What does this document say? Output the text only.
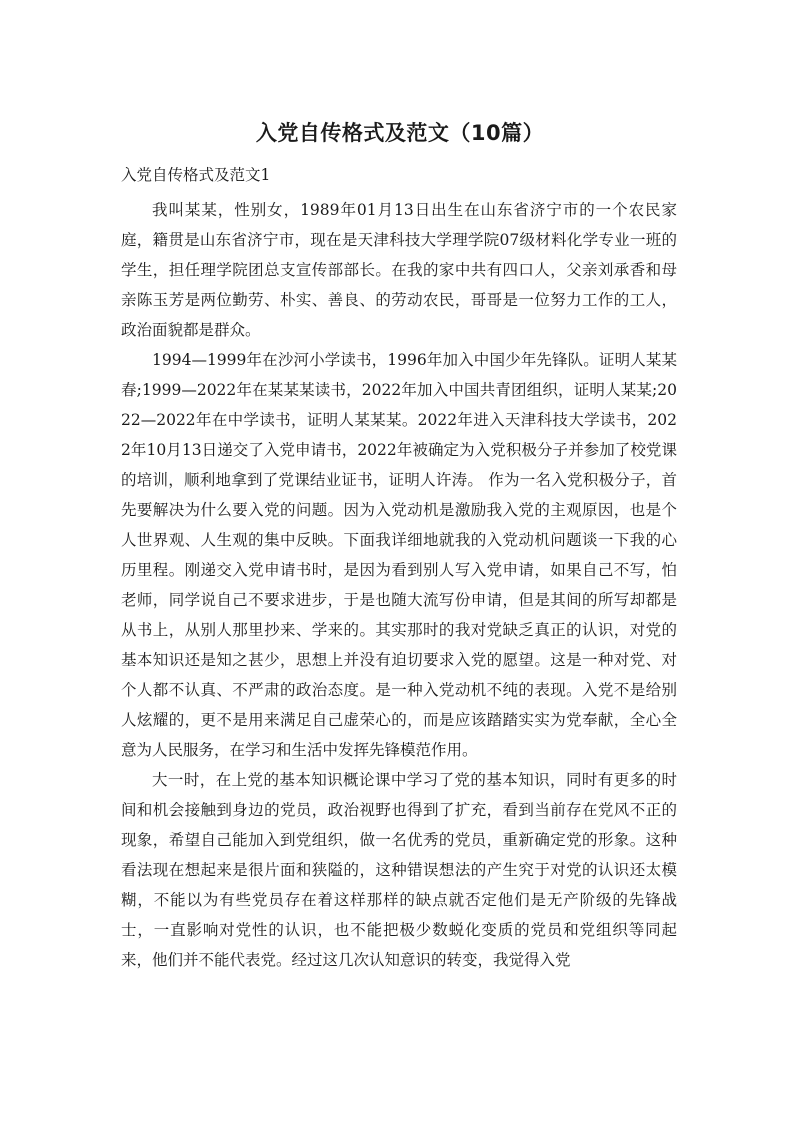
入党自传格式及范文（10篇）

入党自传格式及范文1

我叫某某，性别女，1989年01月13日出生在山东省济宁市的一个农民家庭，籍贯是山东省济宁市，现在是天津科技大学理学院07级材料化学专业一班的学生，担任理学院团总支宣传部部长。在我的家中共有四口人，父亲刘承香和母亲陈玉芳是两位勤劳、朴实、善良、的劳动农民，哥哥是一位努力工作的工人，政治面貌都是群众。

1994—1999年在沙河小学读书，1996年加入中国少年先锋队。证明人某某春;1999—2022年在某某某读书，2022年加入中国共青团组织，证明人某某;2022—2022年在中学读书，证明人某某某。2022年进入天津科技大学读书，2022年10月13日递交了入党申请书，2022年被确定为入党积极分子并参加了校党课的培训，顺利地拿到了党课结业证书，证明人许涛。 作为一名入党积极分子，首先要解决为什么要入党的问题。因为入党动机是激励我入党的主观原因，也是个人世界观、人生观的集中反映。下面我详细地就我的入党动机问题谈一下我的心历里程。刚递交入党申请书时，是因为看到别人写入党申请，如果自己不写，怕老师，同学说自己不要求进步，于是也随大流写份申请，但是其间的所写却都是从书上，从别人那里抄来、学来的。其实那时的我对党缺乏真正的认识，对党的基本知识还是知之甚少，思想上并没有迫切要求入党的愿望。这是一种对党、对个人都不认真、不严肃的政治态度。是一种入党动机不纯的表现。入党不是给别人炫耀的，更不是用来满足自己虚荣心的，而是应该踏踏实实为党奉献，全心全意为人民服务，在学习和生活中发挥先锋模范作用。

大一时，在上党的基本知识概论课中学习了党的基本知识，同时有更多的时间和机会接触到身边的党员，政治视野也得到了扩充，看到当前存在党风不正的现象，希望自己能加入到党组织，做一名优秀的党员，重新确定党的形象。这种看法现在想起来是很片面和狭隘的，这种错误想法的产生究于对党的认识还太模糊，不能以为有些党员存在着这样那样的缺点就否定他们是无产阶级的先锋战士，一直影响对党性的认识，也不能把极少数蜕化变质的党员和党组织等同起来，他们并不能代表党。经过这几次认知意识的转变，我觉得入党
